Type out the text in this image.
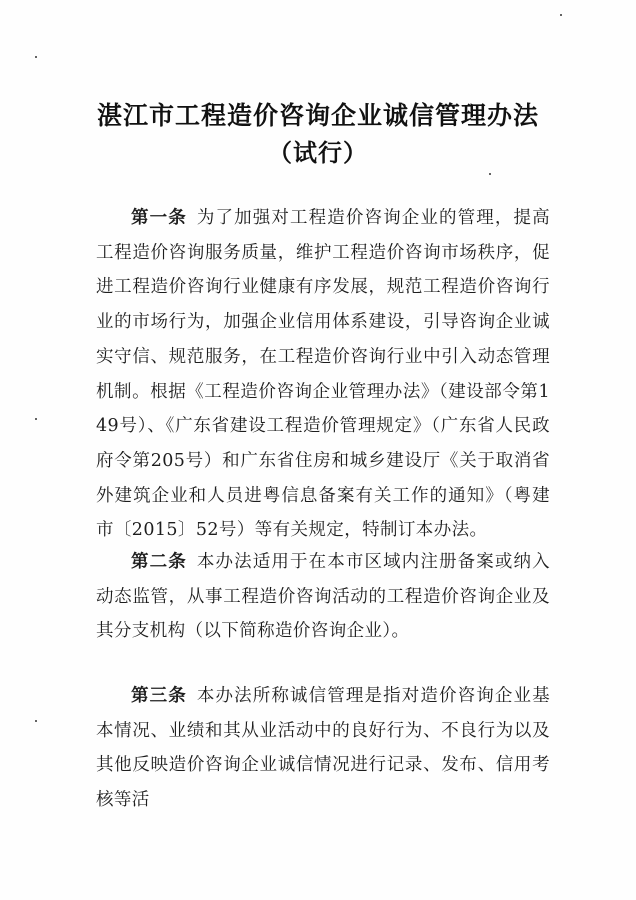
湛江市工程造价咨询企业诚信管理办法
（试行）
第一条 为了加强对工程造价咨询企业的管理，提高工程造价咨询服务质量，维护工程造价咨询市场秩序，促进工程造价咨询行业健康有序发展，规范工程造价咨询行业的市场行为，加强企业信用体系建设，引导咨询企业诚实守信、规范服务，在工程造价咨询行业中引入动态管理机制。根据《工程造价咨询企业管理办法》（建设部令第149号）、《广东省建设工程造价管理规定》（广东省人民政府令第205号）和广东省住房和城乡建设厅《关于取消省外建筑企业和人员进粤信息备案有关工作的通知》（粤建市〔2015〕52号）等有关规定，特制订本办法。
第二条 本办法适用于在本市区域内注册备案或纳入动态监管，从事工程造价咨询活动的工程造价咨询企业及其分支机构（以下简称造价咨询企业）。
第三条 本办法所称诚信管理是指对造价咨询企业基本情况、业绩和其从业活动中的良好行为、不良行为以及其他反映造价咨询企业诚信情况进行记录、发布、信用考核等活
